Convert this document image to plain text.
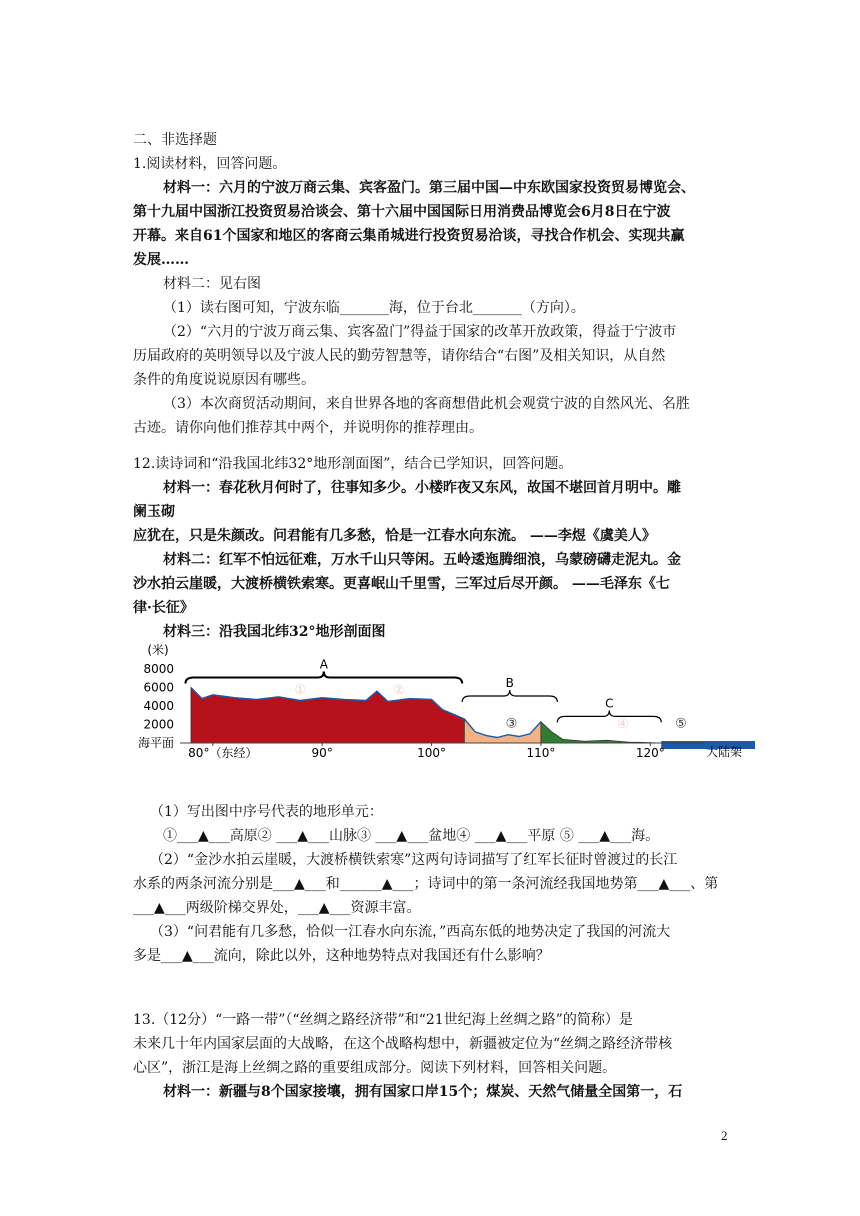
二、非选择题
1.阅读材料，回答问题。
材料一：六月的宁波万商云集、宾客盈门。第三届中国—中东欧国家投资贸易博览会、
第十九届中国浙江投资贸易洽谈会、第十六届中国国际日用消费品博览会6月8日在宁波
开幕。来自61个国家和地区的客商云集甬城进行投资贸易洽谈，寻找合作机会、实现共赢
发展……
材料二：见右图
（1）读右图可知，宁波东临_______海，位于台北_______（方向）。
（2）“六月的宁波万商云集、宾客盈门”得益于国家的改革开放政策，得益于宁波市
历届政府的英明领导以及宁波人民的勤劳智慧等，请你结合“右图”及相关知识，从自然
条件的角度说说原因有哪些。
（3）本次商贸活动期间，来自世界各地的客商想借此机会观赏宁波的自然风光、名胜
古迹。请你向他们推荐其中两个，并说明你的推荐理由。
12.读诗词和“沿我国北纬32°地形剖面图”，结合已学知识，回答问题。
材料一：春花秋月何时了，往事知多少。小楼昨夜又东风，故国不堪回首月明中。雕
阑玉砌
应犹在，只是朱颜改。问君能有几多愁，恰是一江春水向东流。 ——李煜《虞美人》
材料二：红军不怕远征难，万水千山只等闲。五岭逶迤腾细浪，乌蒙磅礴走泥丸。金
沙水拍云崖暖，大渡桥横铁索寒。更喜岷山千里雪，三军过后尽开颜。 ——毛泽东《七
律·长征》
材料三：沿我国北纬32°地形剖面图
(米)
8000
6000
4000
2000
海平面
A
B
C
①	②
③	④	⑤
80°（东经）	90°	100°	110°	120°	大陆架
（1）写出图中序号代表的地形单元：
①___▲___高原② ___▲___山脉③ ___▲___盆地④ ___▲___平原 ⑤ ___▲___海。
（2）“金沙水拍云崖暖，大渡桥横铁索寒”这两句诗词描写了红军长征时曾渡过的长江
水系的两条河流分别是___▲___和______▲___；诗词中的第一条河流经我国地势第___▲___、第
___▲___两级阶梯交界处，___▲___资源丰富。
（3）“问君能有几多愁，恰似一江春水向东流，”西高东低的地势决定了我国的河流大
多是___▲___流向，除此以外，这种地势特点对我国还有什么影响？
13.（12分）“一路一带”（“丝绸之路经济带”和“21世纪海上丝绸之路”的简称）是
未来几十年内国家层面的大战略，在这个战略构想中，新疆被定位为“丝绸之路经济带核
心区”，浙江是海上丝绸之路的重要组成部分。阅读下列材料，回答相关问题。
材料一：新疆与8个国家接壤，拥有国家口岸15个；煤炭、天然气储量全国第一，石
2
